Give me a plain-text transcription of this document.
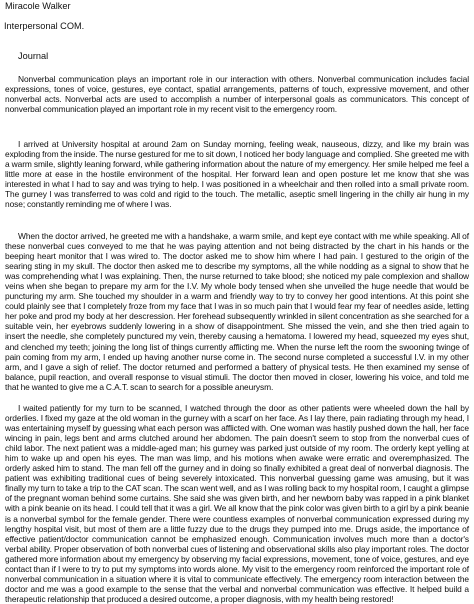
Miracole Walker
Interpersonal COM.
Journal

Nonverbal communication plays an important role in our interaction with others. Nonverbal communication includes facial expressions, tones of voice, gestures, eye contact, spatial arrangements, patterns of touch, expressive movement, and other nonverbal acts. Nonverbal acts are used to accomplish a number of interpersonal goals as communicators. This concept of nonverbal communication played an important role in my recent visit to the emergency room.

I arrived at University hospital at around 2am on Sunday morning, feeling weak, nauseous, dizzy, and like my brain was exploding from the inside. The nurse gestured for me to sit down, I noticed her body language and complied. She greeted me with a warm smile, slightly leaning forward, while gathering information about the nature of my emergency. Her smile helped me feel a little more at ease in the hostile environment of the hospital. Her forward lean and open posture let me know that she was interested in what I had to say and was trying to help. I was positioned in a wheelchair and then rolled into a small private room. The gurney I was transferred to was cold and rigid to the touch. The metallic, aseptic smell lingering in the chilly air hung in my nose; constantly reminding me of where I was.

When the doctor arrived, he greeted me with a handshake, a warm smile, and kept eye contact with me while speaking. All of these nonverbal cues conveyed to me that he was paying attention and not being distracted by the chart in his hands or the beeping heart monitor that I was wired to. The doctor asked me to show him where I had pain. I gestured to the origin of the searing sting in my skull. The doctor then asked me to describe my symptoms, all the while nodding as a signal to show that he was comprehending what I was explaining. Then, the nurse returned to take blood; she noticed my pale complexion and shallow veins when she began to prepare my arm for the I.V. My whole body tensed when she unveiled the huge needle that would be puncturing my arm. She touched my shoulder in a warm and friendly way to try to convey her good intentions. At this point she could plainly see that I completely froze from my face that I was in so much pain that I would fear my fear of needles aside, letting her poke and prod my body at her descression. Her forehead subsequently wrinkled in silent concentration as she searched for a suitable vein, her eyebrows suddenly lowering in a show of disappointment. She missed the vein, and she then tried again to insert the needle, she completely punctured my vein, thereby causing a hematoma. I lowered my head, squeezed my eyes shut, and clenched my teeth; joining the long list of things currently afflicting me. When the nurse left the room the swooning twinge of pain coming from my arm, I ended up having another nurse come in. The second nurse completed a successful I.V. in my other arm, and I gave a sigh of relief. The doctor returned and performed a battery of physical tests. He then examined my sense of balance, pupil reaction, and overall response to visual stimuli. The doctor then moved in closer, lowering his voice, and told me that he wanted to give me a C.A.T. scan to search for a possible aneurysm.

I waited patiently for my turn to be scanned, I watched through the door as other patients were wheeled down the hall by orderlies. I fixed my gaze at the old woman in the gurney with a scarf on her face. As I lay there, pain radiating through my head, I was entertaining myself by guessing what each person was afflicted with. One woman was hastily pushed down the hall, her face wincing in pain, legs bent and arms clutched around her abdomen. The pain doesn't seem to stop from the nonverbal cues of child labor. The next patient was a middle-aged man; his gurney was parked just outside of my room. The orderly kept yelling at him to wake up and open his eyes. The man was limp, and his motions when awake were erratic and overemphasized. The orderly asked him to stand. The man fell off the gurney and in doing so finally exhibited a great deal of nonverbal diagnosis. The patient was exhibiting traditional cues of being severely intoxicated. This nonverbal guessing game was amusing, but it was finally my turn to take a trip to the CAT scan. The scan went well, and as I was rolling back to my hospital room, I caught a glimpse of the pregnant woman behind some curtains. She said she was given birth, and her newborn baby was rapped in a pink blanket with a pink beanie on its head. I could tell that it was a girl. We all know that the pink color was given birth to a girl by a pink beanie is a nonverbal symbol for the female gender. There were countless examples of nonverbal communication expressed during my lengthy hospital visit, but most of them are a little fuzzy due to the drugs they pumped into me. Drugs aside, the importance of effective patient/doctor communication cannot be emphasized enough. Communication involves much more than a doctor's verbal ability. Proper observation of both nonverbal cues of listening and observational skills also play important roles. The doctor gathered more information about my emergency by observing my facial expressions, movement, tone of voice, gestures, and eye contact than if I were to try to put my symptoms into words alone. My visit to the emergency room reinforced the important role of nonverbal communication in a situation where it is vital to communicate effectively. The emergency room interaction between the doctor and me was a good example to the sense that the verbal and nonverbal communication was effective. It helped build a therapeutic relationship that produced a desired outcome, a proper diagnosis, with my health being restored!
